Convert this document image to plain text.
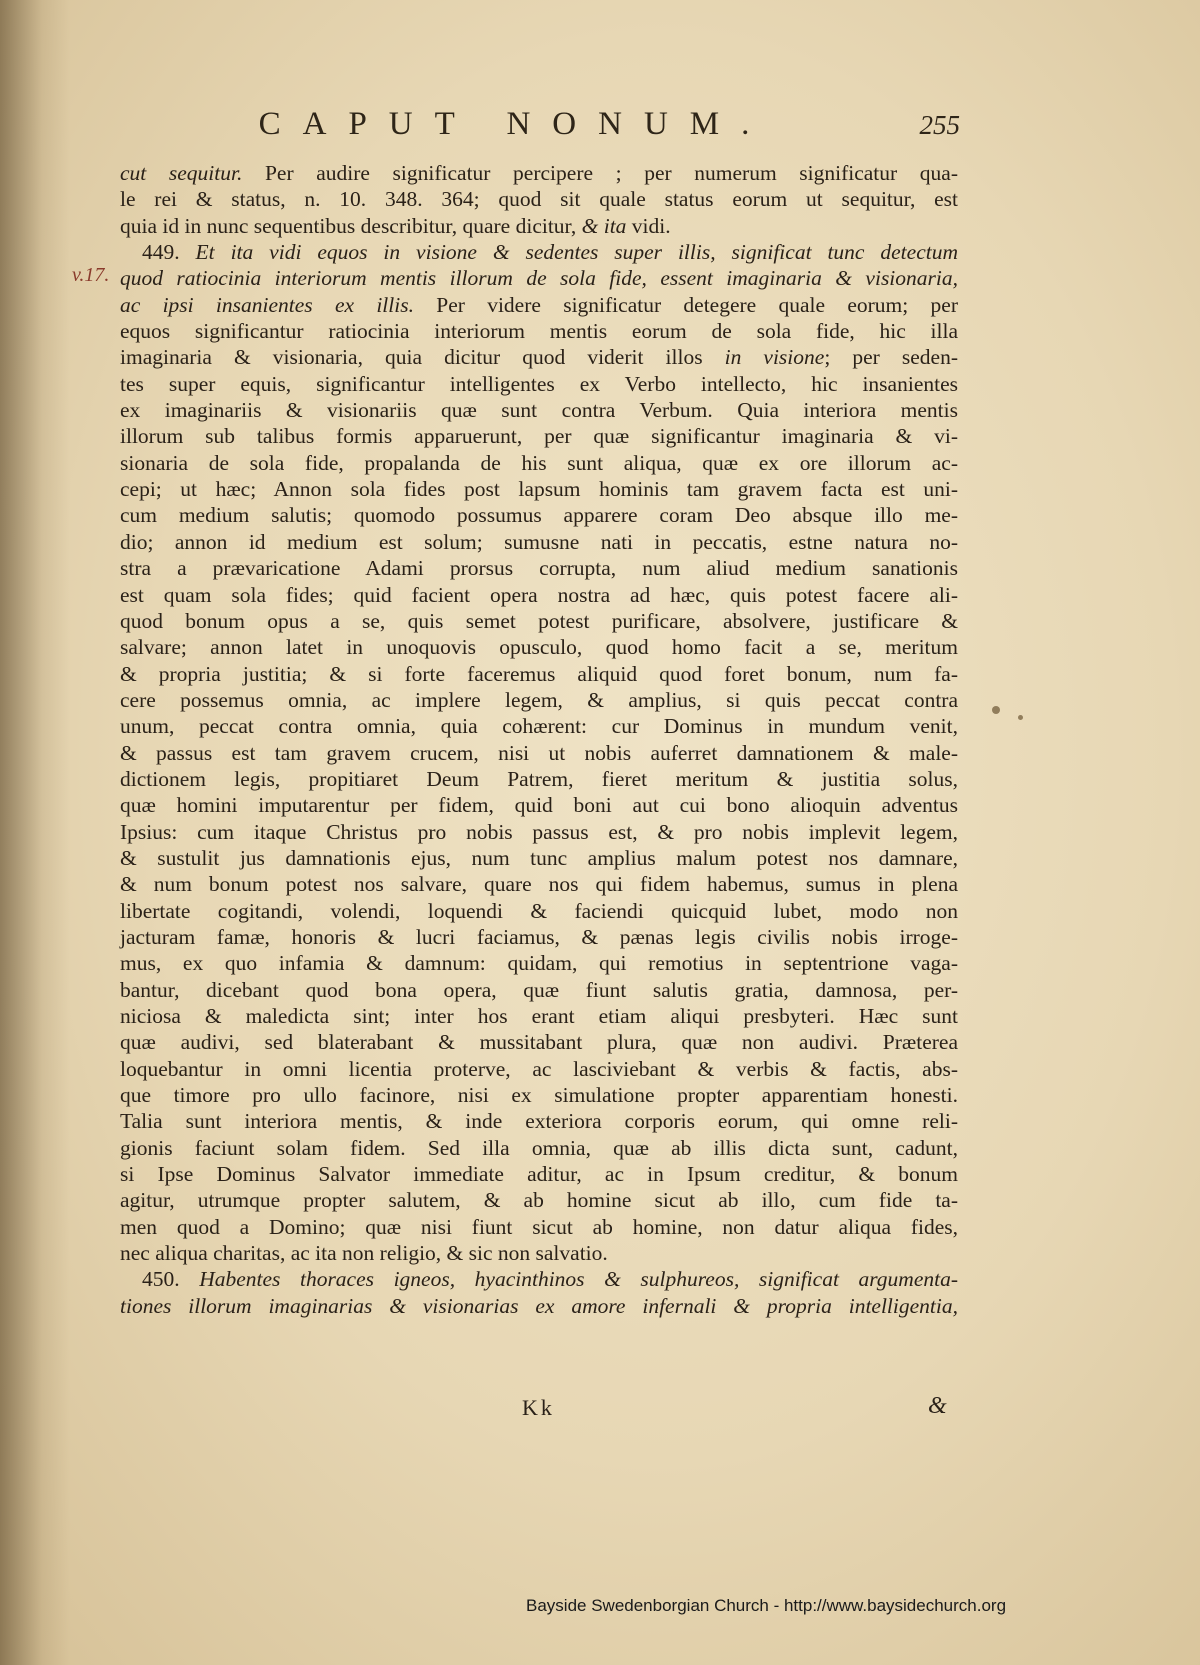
CAPUT NONUM.	255
v.17.
cut sequitur. Per audire significatur percipere ; per numerum significatur qua-
le rei & status, n. 10. 348. 364; quod sit quale status eorum ut sequitur, est
quia id in nunc sequentibus describitur, quare dicitur, & ita vidi.
449. Et ita vidi equos in visione & sedentes super illis, significat tunc detectum
quod ratiocinia interiorum mentis illorum de sola fide, essent imaginaria & visionaria,
ac ipsi insanientes ex illis. Per videre significatur detegere quale eorum; per
equos significantur ratiocinia interiorum mentis eorum de sola fide, hic illa
imaginaria & visionaria, quia dicitur quod viderit illos in visione; per seden-
tes super equis, significantur intelligentes ex Verbo intellecto, hic insanientes
ex imaginariis & visionariis quæ sunt contra Verbum. Quia interiora mentis
illorum sub talibus formis apparuerunt, per quæ significantur imaginaria & vi-
sionaria de sola fide, propalanda de his sunt aliqua, quæ ex ore illorum ac-
cepi; ut hæc; Annon sola fides post lapsum hominis tam gravem facta est uni-
cum medium salutis; quomodo possumus apparere coram Deo absque illo me-
dio; annon id medium est solum; sumusne nati in peccatis, estne natura no-
stra a prævaricatione Adami prorsus corrupta, num aliud medium sanationis
est quam sola fides; quid facient opera nostra ad hæc, quis potest facere ali-
quod bonum opus a se, quis semet potest purificare, absolvere, justificare &
salvare; annon latet in unoquovis opusculo, quod homo facit a se, meritum
& propria justitia; & si forte faceremus aliquid quod foret bonum, num fa-
cere possemus omnia, ac implere legem, & amplius, si quis peccat contra
unum, peccat contra omnia, quia cohærent: cur Dominus in mundum venit,
& passus est tam gravem crucem, nisi ut nobis auferret damnationem & male-
dictionem legis, propitiaret Deum Patrem, fieret meritum & justitia solus,
quæ homini imputarentur per fidem, quid boni aut cui bono alioquin adventus
Ipsius: cum itaque Christus pro nobis passus est, & pro nobis implevit legem,
& sustulit jus damnationis ejus, num tunc amplius malum potest nos damnare,
& num bonum potest nos salvare, quare nos qui fidem habemus, sumus in plena
libertate cogitandi, volendi, loquendi & faciendi quicquid lubet, modo non
jacturam famæ, honoris & lucri faciamus, & pænas legis civilis nobis irroge-
mus, ex quo infamia & damnum: quidam, qui remotius in septentrione vaga-
bantur, dicebant quod bona opera, quæ fiunt salutis gratia, damnosa, per-
niciosa & maledicta sint; inter hos erant etiam aliqui presbyteri. Hæc sunt
quæ audivi, sed blaterabant & mussitabant plura, quæ non audivi. Præterea
loquebantur in omni licentia proterve, ac lasciviebant & verbis & factis, abs-
que timore pro ullo facinore, nisi ex simulatione propter apparentiam honesti.
Talia sunt interiora mentis, & inde exteriora corporis eorum, qui omne reli-
gionis faciunt solam fidem. Sed illa omnia, quæ ab illis dicta sunt, cadunt,
si Ipse Dominus Salvator immediate aditur, ac in Ipsum creditur, & bonum
agitur, utrumque propter salutem, & ab homine sicut ab illo, cum fide ta-
men quod a Domino; quæ nisi fiunt sicut ab homine, non datur aliqua fides,
nec aliqua charitas, ac ita non religio, & sic non salvatio.
450. Habentes thoraces igneos, hyacinthinos & sulphureos, significat argumenta-
tiones illorum imaginarias & visionarias ex amore infernali & propria intelligentia,
Kk	&
Bayside Swedenborgian Church - http://www.baysidechurch.org
